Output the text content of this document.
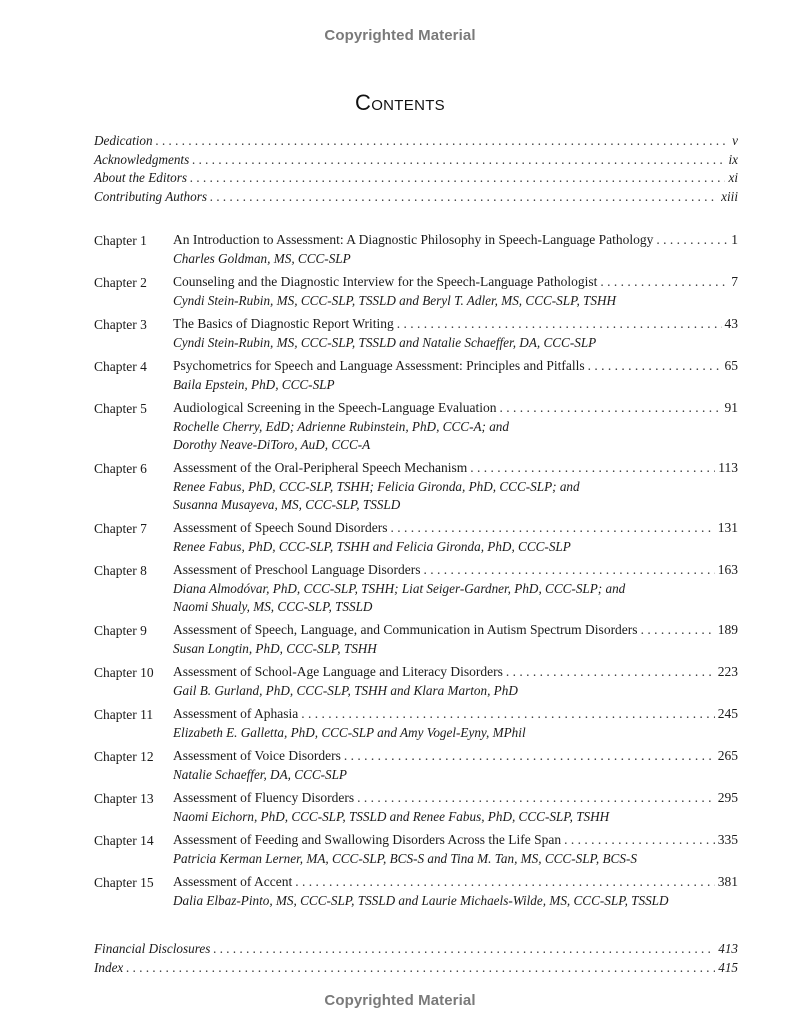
Copyrighted Material
Contents
Dedication . . .	v
Acknowledgments . . .	ix
About the Editors . . .	xi
Contributing Authors . . .	xiii
Chapter 1	An Introduction to Assessment: A Diagnostic Philosophy in Speech-Language Pathology . . .	1
Charles Goldman, MS, CCC-SLP
Chapter 2	Counseling and the Diagnostic Interview for the Speech-Language Pathologist . . .	7
Cyndi Stein-Rubin, MS, CCC-SLP, TSSLD and Beryl T. Adler, MS, CCC-SLP, TSHH
Chapter 3	The Basics of Diagnostic Report Writing . . .	43
Cyndi Stein-Rubin, MS, CCC-SLP, TSSLD and Natalie Schaeffer, DA, CCC-SLP
Chapter 4	Psychometrics for Speech and Language Assessment: Principles and Pitfalls . . .	65
Baila Epstein, PhD, CCC-SLP
Chapter 5	Audiological Screening in the Speech-Language Evaluation . . .	91
Rochelle Cherry, EdD; Adrienne Rubinstein, PhD, CCC-A; and
Dorothy Neave-DiToro, AuD, CCC-A
Chapter 6	Assessment of the Oral-Peripheral Speech Mechanism . . .	113
Renee Fabus, PhD, CCC-SLP, TSHH; Felicia Gironda, PhD, CCC-SLP; and
Susanna Musayeva, MS, CCC-SLP, TSSLD
Chapter 7	Assessment of Speech Sound Disorders . . .	131
Renee Fabus, PhD, CCC-SLP, TSHH and Felicia Gironda, PhD, CCC-SLP
Chapter 8	Assessment of Preschool Language Disorders . . .	163
Diana Almodóvar, PhD, CCC-SLP, TSHH; Liat Seiger-Gardner, PhD, CCC-SLP; and
Naomi Shualy, MS, CCC-SLP, TSSLD
Chapter 9	Assessment of Speech, Language, and Communication in Autism Spectrum Disorders . . .	189
Susan Longtin, PhD, CCC-SLP, TSHH
Chapter 10	Assessment of School-Age Language and Literacy Disorders . . .	223
Gail B. Gurland, PhD, CCC-SLP, TSHH and Klara Marton, PhD
Chapter 11	Assessment of Aphasia . . .	245
Elizabeth E. Galletta, PhD, CCC-SLP and Amy Vogel-Eyny, MPhil
Chapter 12	Assessment of Voice Disorders . . .	265
Natalie Schaeffer, DA, CCC-SLP
Chapter 13	Assessment of Fluency Disorders . . .	295
Naomi Eichorn, PhD, CCC-SLP, TSSLD and Renee Fabus, PhD, CCC-SLP, TSHH
Chapter 14	Assessment of Feeding and Swallowing Disorders Across the Life Span . . .	335
Patricia Kerman Lerner, MA, CCC-SLP, BCS-S and Tina M. Tan, MS, CCC-SLP, BCS-S
Chapter 15	Assessment of Accent . . .	381
Dalia Elbaz-Pinto, MS, CCC-SLP, TSSLD and Laurie Michaels-Wilde, MS, CCC-SLP, TSSLD
Financial Disclosures . . .	413
Index . . .	415
Copyrighted Material
